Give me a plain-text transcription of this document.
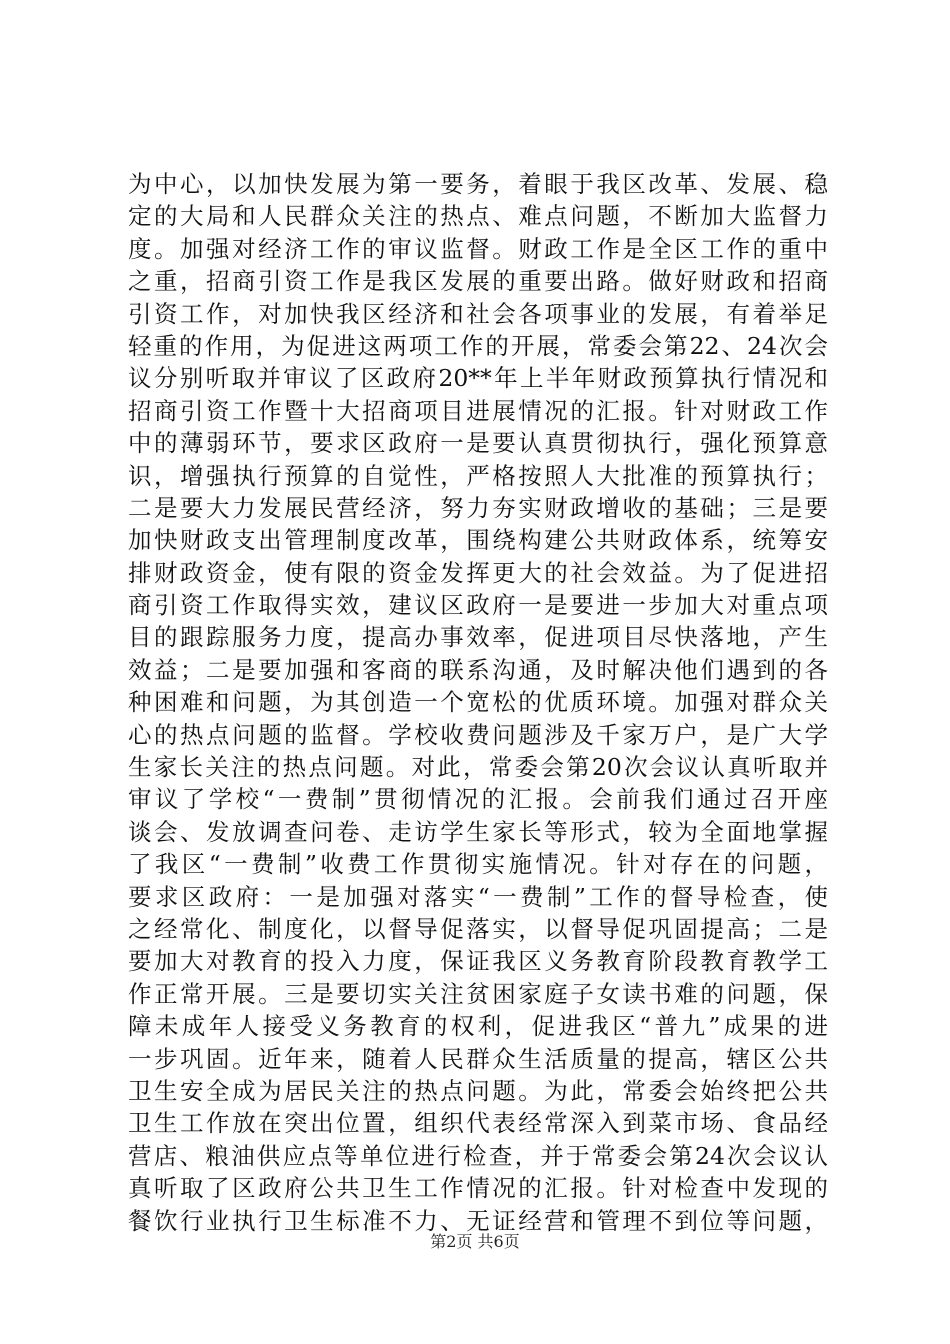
为中心，以加快发展为第一要务，着眼于我区改革、发展、稳
定的大局和人民群众关注的热点、难点问题，不断加大监督力
度。加强对经济工作的审议监督。财政工作是全区工作的重中
之重，招商引资工作是我区发展的重要出路。做好财政和招商
引资工作，对加快我区经济和社会各项事业的发展，有着举足
轻重的作用，为促进这两项工作的开展，常委会第22、24次会
议分别听取并审议了区政府20**年上半年财政预算执行情况和
招商引资工作暨十大招商项目进展情况的汇报。针对财政工作
中的薄弱环节，要求区政府一是要认真贯彻执行，强化预算意
识，增强执行预算的自觉性，严格按照人大批准的预算执行；
二是要大力发展民营经济，努力夯实财政增收的基础；三是要
加快财政支出管理制度改革，围绕构建公共财政体系，统筹安
排财政资金，使有限的资金发挥更大的社会效益。为了促进招
商引资工作取得实效，建议区政府一是要进一步加大对重点项
目的跟踪服务力度，提高办事效率，促进项目尽快落地，产生
效益；二是要加强和客商的联系沟通，及时解决他们遇到的各
种困难和问题，为其创造一个宽松的优质环境。加强对群众关
心的热点问题的监督。学校收费问题涉及千家万户，是广大学
生家长关注的热点问题。对此，常委会第20次会议认真听取并
审议了学校“一费制”贯彻情况的汇报。会前我们通过召开座
谈会、发放调查问卷、走访学生家长等形式，较为全面地掌握
了我区“一费制”收费工作贯彻实施情况。针对存在的问题，
要求区政府：一是加强对落实“一费制”工作的督导检查，使
之经常化、制度化，以督导促落实，以督导促巩固提高；二是
要加大对教育的投入力度，保证我区义务教育阶段教育教学工
作正常开展。三是要切实关注贫困家庭子女读书难的问题，保
障未成年人接受义务教育的权利，促进我区“普九”成果的进
一步巩固。近年来，随着人民群众生活质量的提高，辖区公共
卫生安全成为居民关注的热点问题。为此，常委会始终把公共
卫生工作放在突出位置，组织代表经常深入到菜市场、食品经
营店、粮油供应点等单位进行检查，并于常委会第24次会议认
真听取了区政府公共卫生工作情况的汇报。针对检查中发现的
餐饮行业执行卫生标准不力、无证经营和管理不到位等问题，
第2页 共6页
